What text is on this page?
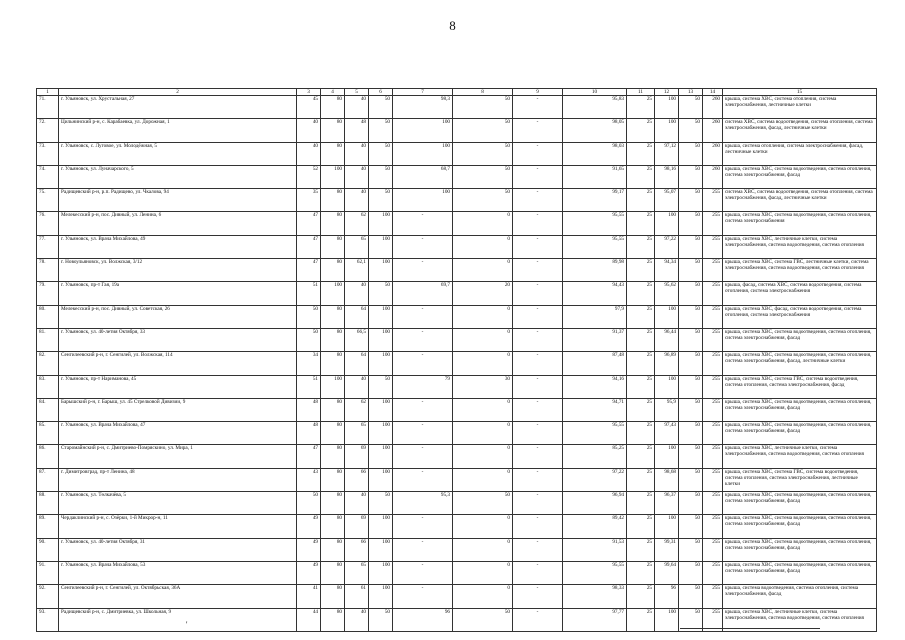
8
1	2	3	4	5	6	7	8	9	10	11	12	13	14	15
71.	г. Ульяновск, ул. Хрустальная, 27	45	80	40	50	98,3	50	-	95,83	25	100	50	260	крыша, система ХВС, система отопления, система электроснабжения, лестничные клетки
72.	Цильнинский р-н, с. Карабаевка, ул. Дорожная, 1	40	80	48	50	100	50	-	98,05	25	100	50	260	система ХВС, система водоотведения, система отопления, система электроснабжения, фасад, лестничные клетки
73.	г. Ульяновск, с. Луговое, ул. Молодёжная, 5	40	80	40	50	100	50	-	98,03	25	97,12	50	260	крыша, система отопления, система электроснабжения, фасад, лестничные клетки
74.	г. Ульяновск, ул. Луначарского, 5	52	100	40	50	68,7	50	-	91,65	25	98,16	50	260	крыша, система ХВС, система водоотведения, система отопления, система электроснабжения, фасад
75.	Радищевский р-н, р.п. Радищево, ул. Чкалова, 94	35	80	40	50	100	50	-	99,17	25	95,07	50	255	система ХВС, система водоотведения, система отопления, система электроснабжения, фасад, лестничные клетки
76.	Мелекесский р-н, пос. Дивный, ул. Ленина, 6	47	80	62	100	-	0	-	95,55	25	100	50	255	крыша, система ХВС, система водоотведения, система отопления, система электроснабжения
77.	г. Ульяновск, ул. Врача Михайлова, 49	47	80	65	100	-	0	-	95,55	25	97,22	50	255	крыша, система ХВС, лестничные клетки, система электроснабжения, система водоотведения, система отопления
78.	г. Новоульяновск, ул. Волжская, 3/12	47	80	62,1	100	-	0	-	89,98	25	94,34	50	255	крыша, система ХВС, система ГВС, лестничные клетки, система электроснабжения, система водоотведения, система отопления
79.	г. Ульяновск, пр-т Гая, 19а	51	100	40	50	69,7	20	-	94,43	25	95,62	50	255	крыша, фасад, система ХВС, система водоотведения, система отопления, система электроснабжения
80.	Мелекесский р-н, пос. Дивный, ул. Советская, 26	50	80	64	100	-	0	-	97,9	25	100	50	255	крыша, система ХВС, фасад, система водоотведения, система отопления, система электроснабжения
81.	г. Ульяновск, ул. 40-летия Октября, 33	50	80	66,5	100	-	0	-	91,37	25	96,44	50	255	крыша, система ХВС, система водоотведения, система отопления, система электроснабжения, фасад
82.	Сенгилеевский р-н, г. Сенгилей, ул. Волжская, 114	34	80	64	100	-	0	-	87,48	25	96,89	50	255	крыша, система ХВС, система водоотведения, система отопления, система электроснабжения, фасад, лестничные клетки
83.	г. Ульяновск, пр-т Нариманова, 45	51	100	40	50	79	30	-	94,16	25	100	50	255	крыша, система ХВС, система ГВС, система водоотведения, система отопления, система электроснабжения, фасад
84.	Барышский р-н, г. Барыш, ул. 45 Стрелковой Дивизии, 9	48	80	62	100	-	0	-	94,71	25	95,9	50	255	крыша, система ХВС, система водоотведения, система отопления, система электроснабжения, фасад
85.	г. Ульяновск, ул. Врача Михайлова, 47	48	80	65	100	-	0	-	95,55	25	97,43	50	255	крыша, система ХВС, система водоотведения, система отопления, система электроснабжения, фасад
86.	Старомайнский р-н, с. Дмитриево-Помряскино, ул. Мира, 1	47	80	69	100	-	0	-	85,25	25	100	50	255	крыша, система ХВС, лестничные клетки, система электроснабжения, система водоотведения, система отопления
87.	г. Димитровград, пр-т Ленина, 48	43	80	66	100	-	0	-	97,22	25	98,68	50	255	крыша, система ХВС, система ГВС, система водоотведения, система отопления, система электроснабжения, лестничные клетки
88.	г. Ульяновск, ул. Төлкачёва, 5	50	80	40	50	95,3	50	-	96,94	25	96,37	50	255	крыша, система ХВС, система водоотведения, система отопления, система электроснабжения, фасад
89.	Чердаклинский р-н, с. Озёрки, 1-й Микрор-н, 11	49	80	69	100	-	0	-	89,42	25	100	50	255	крыша, система ХВС, система водоотведения, система отопления, система электроснабжения, фасад
90.	г. Ульяновск, ул. 40-летия Октября, 31	49	80	66	100	-	0	-	91,53	25	99,31	50	255	крыша, система ХВС, система водоотведения, система отопления, система электроснабжения, фасад
91.	г. Ульяновск, ул. Врача Михайлова, 53	49	80	65	100	-	0	-	95,55	25	99,64	50	255	крыша, система ХВС, система водоотведения, система отопления, система электроснабжения, фасад
92.	Сенгилеевский р-н, г. Сенгилей, ул. Октябрьская, 36А	41	80	61	100	-	0	-	98,33	25	96	50	255	крыша, система водоотведения, система отопления, система электроснабжения, фасад
93.	Радищевский р-н, с. Дмитриевка, ул. Школьная, 9	44	80	40	50	96	50	-	97,77	25	100	50	255	крыша, система ХВС, лестничные клетки, система электроснабжения, система водоотведения, система отопления
'
